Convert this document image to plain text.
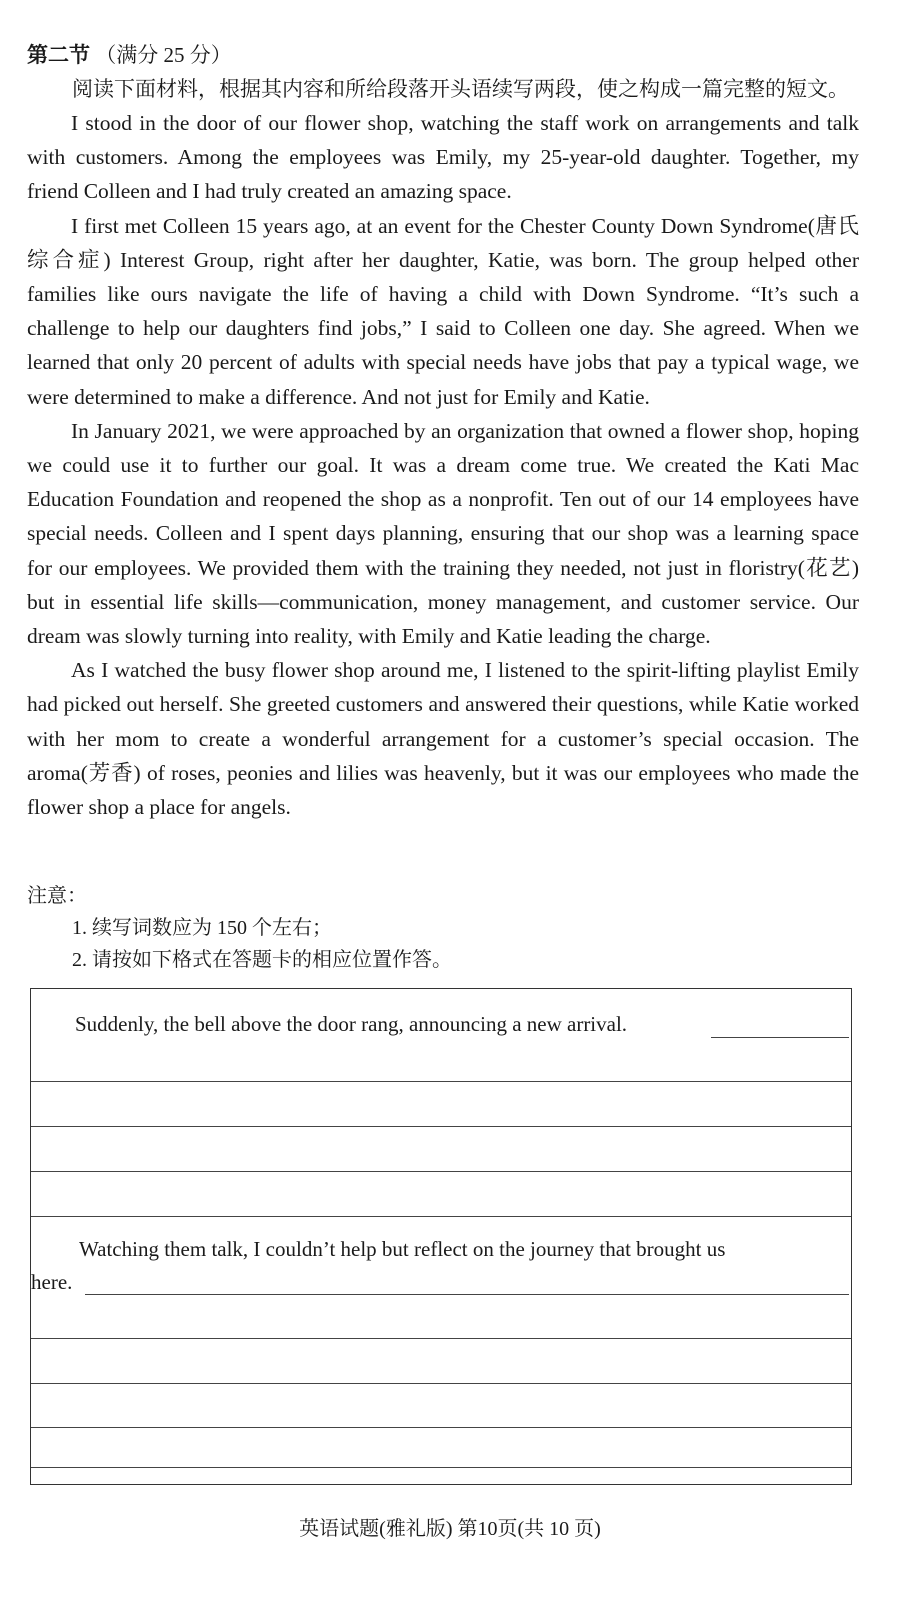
第二节 （满分 25 分）
阅读下面材料，根据其内容和所给段落开头语续写两段，使之构成一篇完整的短文。

I stood in the door of our flower shop, watching the staff work on arrangements and talk with customers. Among the employees was Emily, my 25-year-old daughter. Together, my friend Colleen and I had truly created an amazing space.

I first met Colleen 15 years ago, at an event for the Chester County Down Syndrome(唐氏综合症) Interest Group, right after her daughter, Katie, was born. The group helped other families like ours navigate the life of having a child with Down Syndrome. “It’s such a challenge to help our daughters find jobs,” I said to Colleen one day. She agreed. When we learned that only 20 percent of adults with special needs have jobs that pay a typical wage, we were determined to make a difference. And not just for Emily and Katie.

In January 2021, we were approached by an organization that owned a flower shop, hoping we could use it to further our goal. It was a dream come true. We created the Kati Mac Education Foundation and reopened the shop as a nonprofit. Ten out of our 14 employees have special needs. Colleen and I spent days planning, ensuring that our shop was a learning space for our employees. We provided them with the training they needed, not just in floristry(花艺) but in essential life skills—communication, money management, and customer service. Our dream was slowly turning into reality, with Emily and Katie leading the charge.

As I watched the busy flower shop around me, I listened to the spirit-lifting playlist Emily had picked out herself. She greeted customers and answered their questions, while Katie worked with her mom to create a wonderful arrangement for a customer’s special occasion. The aroma(芳香) of roses, peonies and lilies was heavenly, but it was our employees who made the flower shop a place for angels.

注意：
1. 续写词数应为 150 个左右；
2. 请按如下格式在答题卡的相应位置作答。
Suddenly, the bell above the door rang, announcing a new arrival.
Watching them talk, I couldn’t help but reflect on the journey that brought us
here.
英语试题(雅礼版) 第10页(共 10 页)
